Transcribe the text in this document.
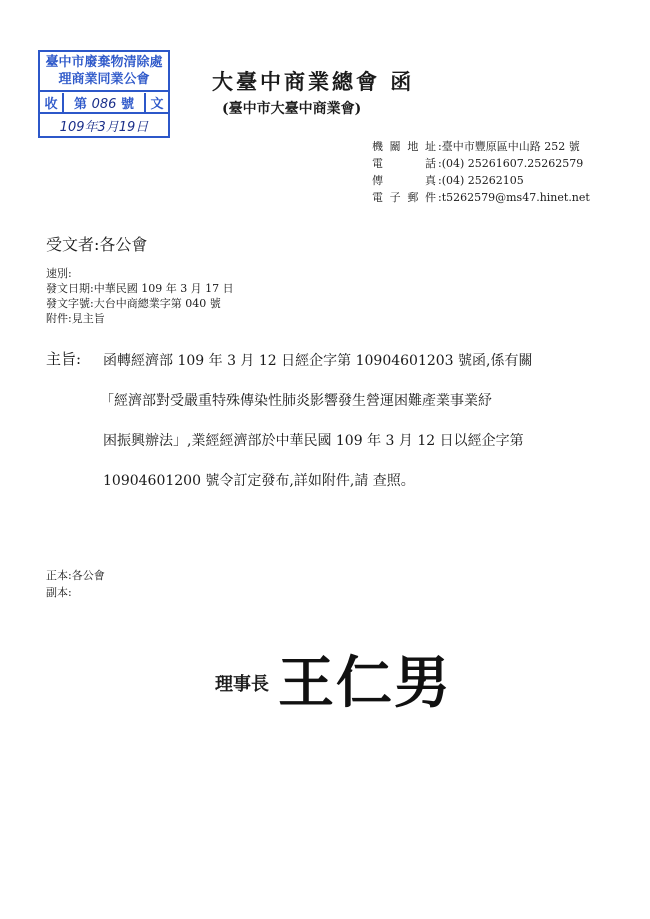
臺中市廢棄物清除處理商業同業公會
收	第 086 號	文
109年3月19日
大臺中商業總會 函
(臺中市大臺中商業會)
機關地址 : 臺中市豐原區中山路 252 號
電話 : (04) 25261607.25262579
傳真 : (04) 25262105
電子郵件 : t5262579@ms47.hinet.net
受文者:各公會
速別:
發文日期:中華民國 109 年 3 月 17 日
發文字號:大台中商總業字第 040 號
附件:見主旨
主旨: 函轉經濟部 109 年 3 月 12 日經企字第 10904601203 號函,係有關
「經濟部對受嚴重特殊傳染性肺炎影響發生營運困難產業事業紓
困振興辦法」,業經經濟部於中華民國 109 年 3 月 12 日以經企字第
10904601200 號令訂定發布,詳如附件,請 查照。
正本:各公會
副本:
理事長 王仁男
